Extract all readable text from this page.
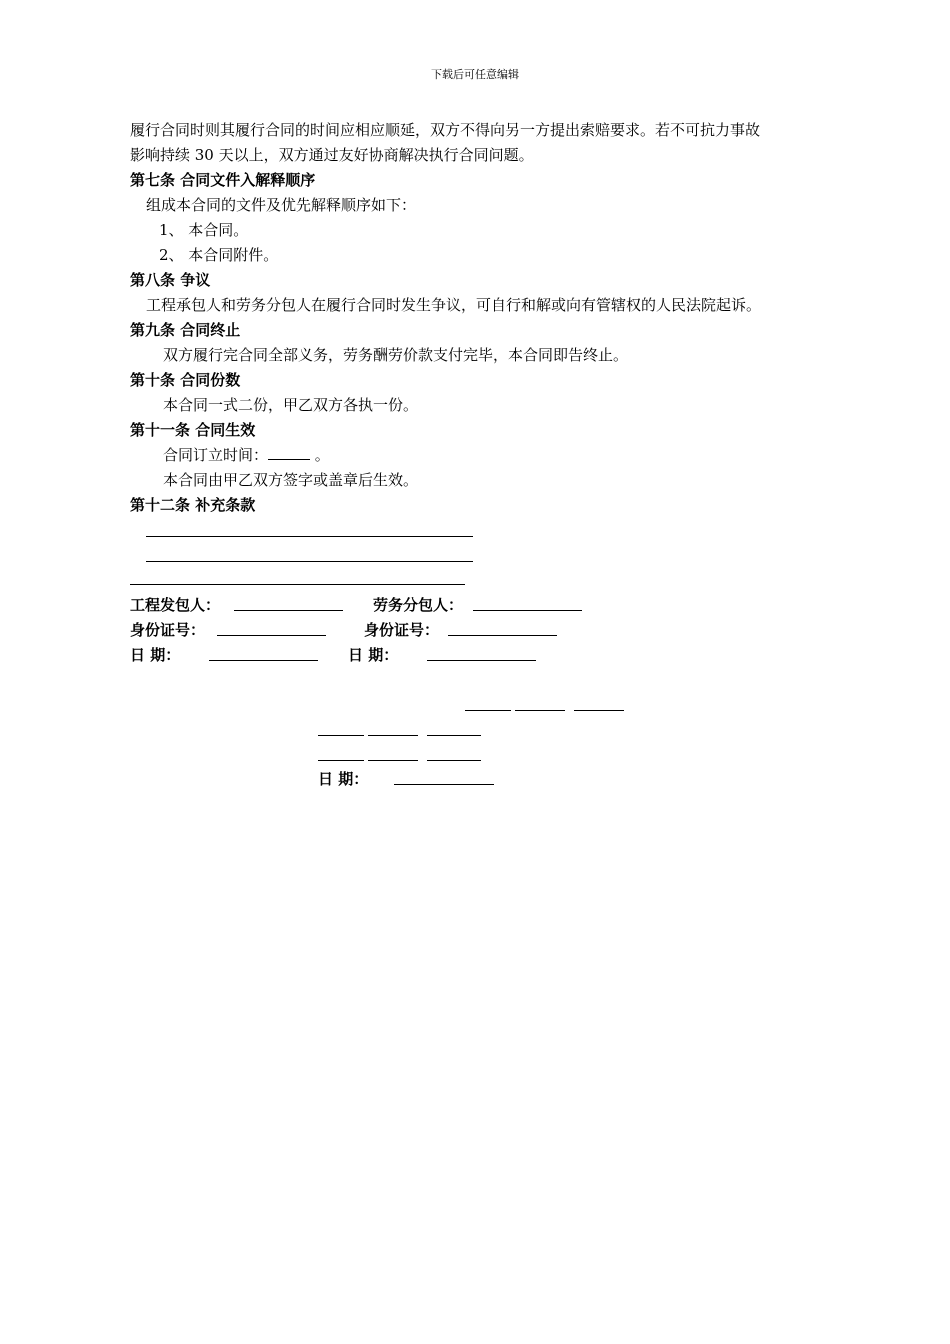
下载后可任意编辑
履行合同时则其履行合同的时间应相应顺延，双方不得向另一方提出索赔要求。若不可抗力事故
影响持续 30 天以上，双方通过友好协商解决执行合同问题。
第七条 合同文件入解释顺序
组成本合同的文件及优先解释顺序如下：
1、 本合同。
2、 本合同附件。
第八条 争议
工程承包人和劳务分包人在履行合同时发生争议，可自行和解或向有管辖权的人民法院起诉。
第九条 合同终止
双方履行完合同全部义务，劳务酬劳价款支付完毕，本合同即告终止。
第十条 合同份数
本合同一式二份，甲乙双方各执一份。
第十一条 合同生效
合同订立时间：	。
本合同由甲乙双方签字或盖章后生效。
第十二条 补充条款
工程发包人：	劳务分包人：
身份证号：	身份证号：
日 期：	日 期：
日 期：
